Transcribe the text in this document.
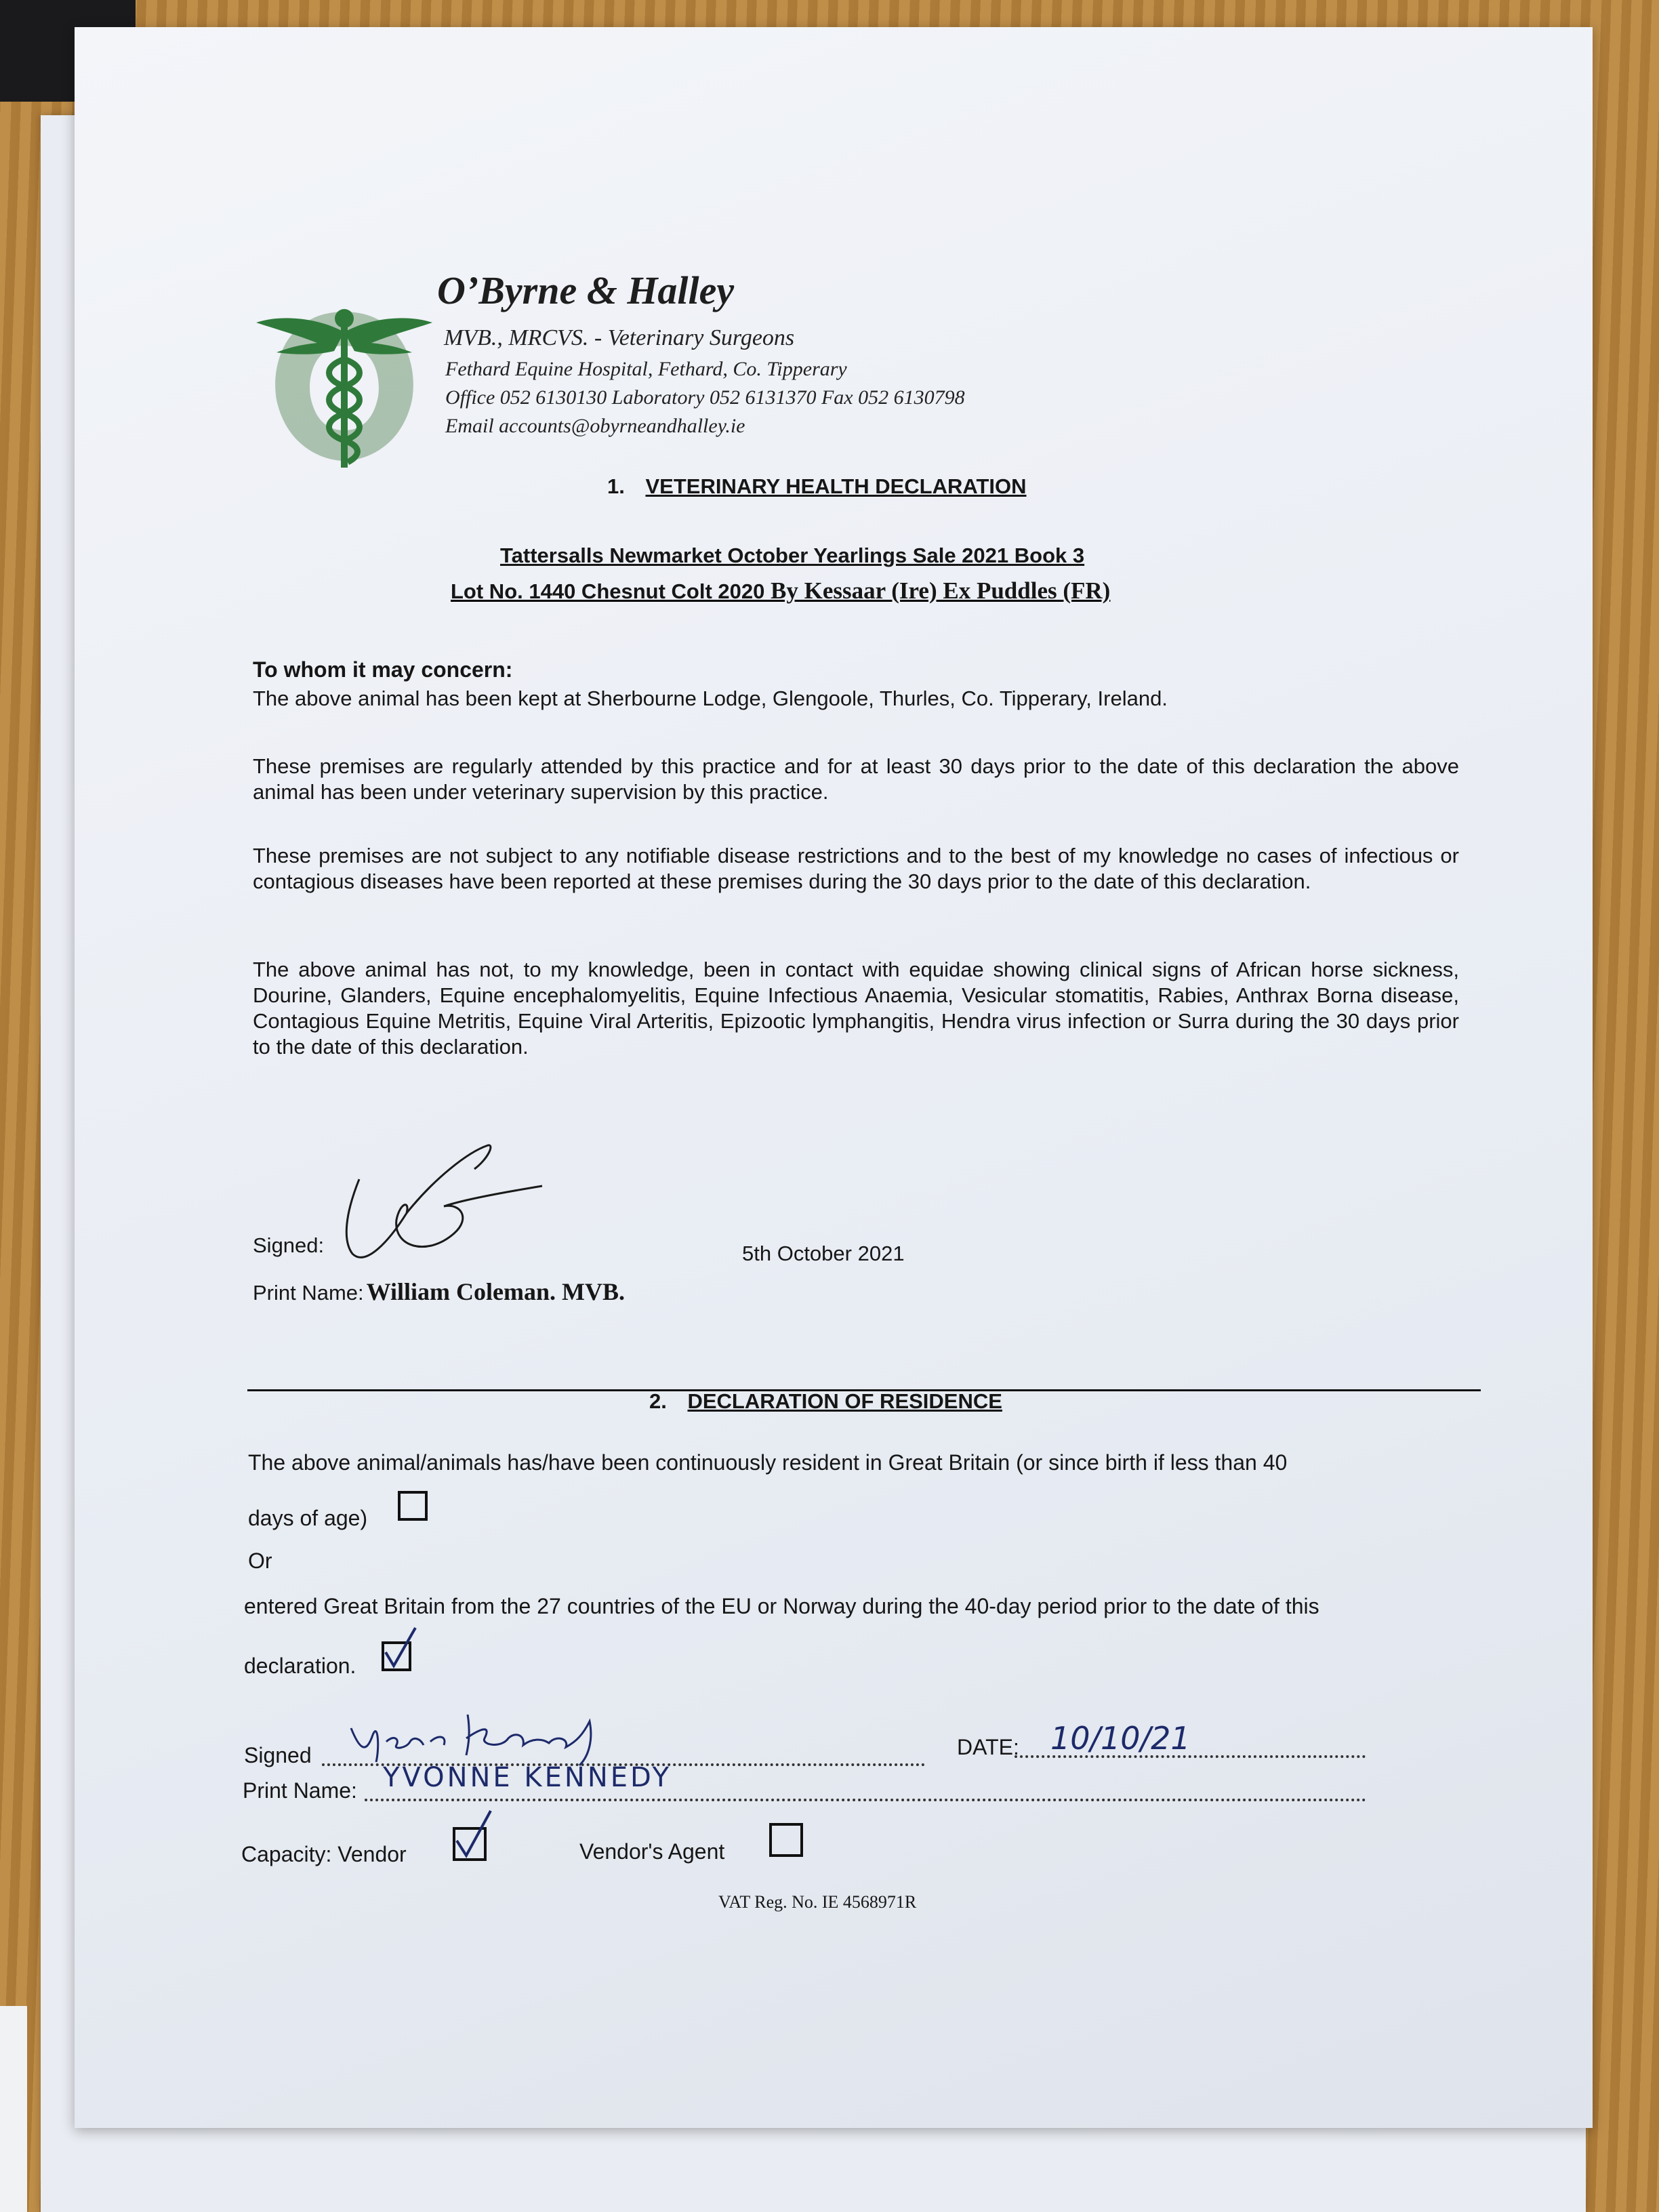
O’Byrne & Halley
MVB., MRCVS. - Veterinary Surgeons
Fethard Equine Hospital, Fethard, Co. Tipperary
Office 052 6130130 Laboratory 052 6131370 Fax 052 6130798
Email accounts@obyrneandhalley.ie
1. VETERINARY HEALTH DECLARATION
Tattersalls Newmarket October Yearlings Sale 2021 Book 3
Lot No. 1440 Chesnut Colt 2020 By Kessaar (Ire) Ex Puddles (FR)
To whom it may concern:
The above animal has been kept at Sherbourne Lodge, Glengoole, Thurles, Co. Tipperary, Ireland.
These premises are regularly attended by this practice and for at least 30 days prior to the date of this declaration the above animal has been under veterinary supervision by this practice.
These premises are not subject to any notifiable disease restrictions and to the best of my knowledge no cases of infectious or contagious diseases have been reported at these premises during the 30 days prior to the date of this declaration.
The above animal has not, to my knowledge, been in contact with equidae showing clinical signs of African horse sickness, Dourine, Glanders, Equine encephalomyelitis, Equine Infectious Anaemia, Vesicular stomatitis, Rabies, Anthrax Borna disease, Contagious Equine Metritis, Equine Viral Arteritis, Epizootic lymphangitis, Hendra virus infection or Surra during the 30 days prior to the date of this declaration.
Signed:	5th October 2021
Print Name: William Coleman. MVB.
2. DECLARATION OF RESIDENCE
The above animal/animals has/have been continuously resident in Great Britain (or since birth if less than 40
days of age)
Or
entered Great Britain from the 27 countries of the EU or Norway during the 40-day period prior to the date of this
declaration.
Signed	DATE: 10/10/21
Print Name: YVONNE KENNEDY
Capacity: Vendor	Vendor's Agent
VAT Reg. No. IE 4568971R
